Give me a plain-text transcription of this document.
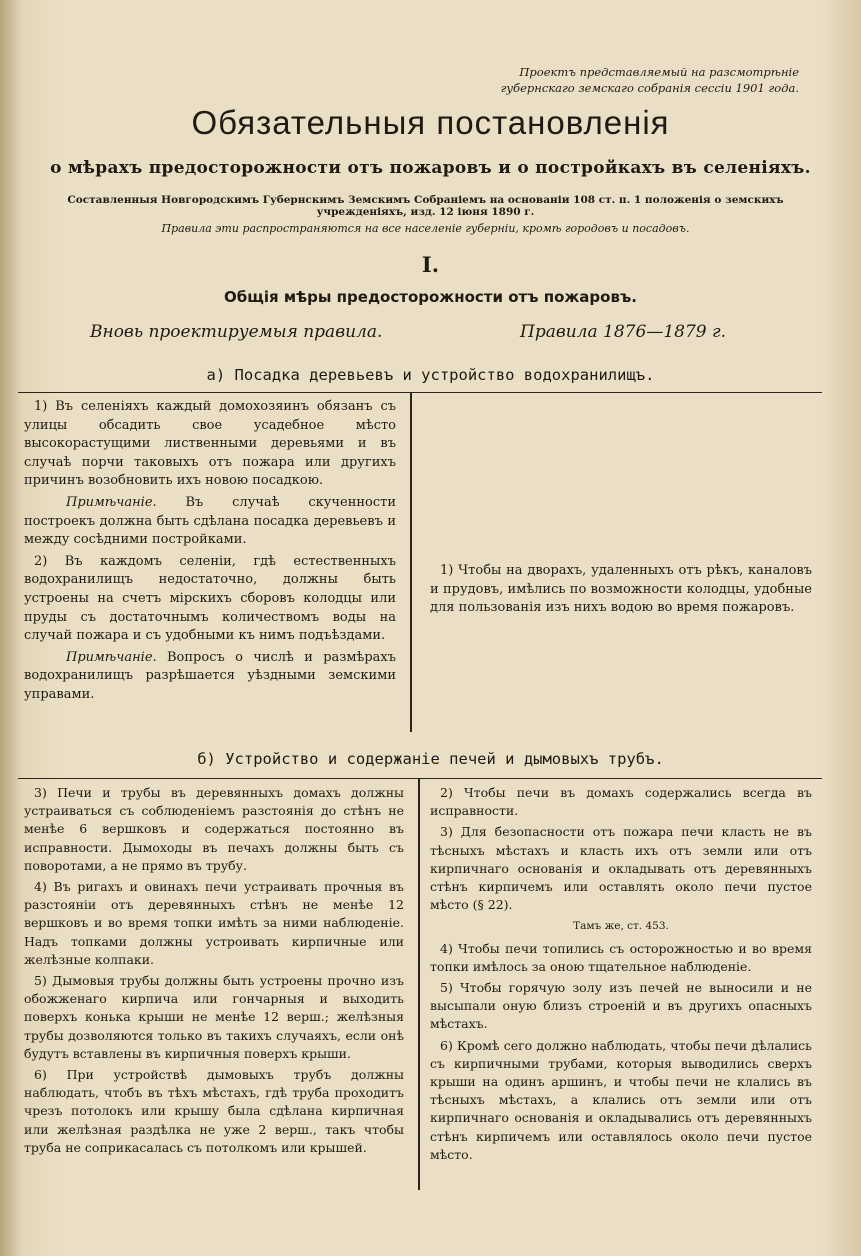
Проектъ представляемый на разсмотрѣніе
губернскаго земскаго собранія сессіи 1901 года.
Обязательныя постановленія
о мѣрахъ предосторожности отъ пожаровъ и о постройкахъ въ селеніяхъ.
Составленныя Новгородскимъ Губернскимъ Земскимъ Собраніемъ на основаніи 108 ст. п. 1 положенія о земскихъ учрежденіяхъ, изд. 12 іюня 1890 г.
Правила эти распространяются на все населеніе губерніи, кромѣ городовъ и посадовъ.
I.
Общія мѣры предосторожности отъ пожаровъ.
Вновь проектируемыя правила.	Правила 1876—1879 г.
а) Посадка деревьевъ и устройство водохранилищъ.

1) Въ селеніяхъ каждый домохозяинъ обязанъ съ улицы обсадить свое усадебное мѣсто высокорастущими лиственными деревьями и въ случаѣ порчи таковыхъ отъ пожара или другихъ причинъ возобновить ихъ новою посадкою.

Примѣчаніе. Въ случаѣ скученности построекъ должна быть сдѣлана посадка деревьевъ и между сосѣдними постройками.

2) Въ каждомъ селеніи, гдѣ естественныхъ водохранилищъ недостаточно, должны быть устроены на счетъ мірскихъ сборовъ колодцы или пруды съ достаточнымъ количествомъ воды на случай пожара и съ удобными къ нимъ подъѣздами.

Примѣчаніе. Вопросъ о числѣ и размѣрахъ водохранилищъ разрѣшается уѣздными земскими управами.

1) Чтобы на дворахъ, удаленныхъ отъ рѣкъ, каналовъ и прудовъ, имѣлись по возможности колодцы, удобные для пользованія изъ нихъ водою во время пожаровъ.

б) Устройство и содержаніе печей и дымовыхъ трубъ.

3) Печи и трубы въ деревянныхъ домахъ должны устраиваться съ соблюденіемъ разстоянія до стѣнъ не менѣе 6 вершковъ и содержаться постоянно въ исправности. Дымоходы въ печахъ должны быть съ поворотами, а не прямо въ трубу.

4) Въ ригахъ и овинахъ печи устраивать прочныя въ разстояніи отъ деревянныхъ стѣнъ не менѣе 12 вершковъ и во время топки имѣть за ними наблюденіе. Надъ топками должны устроивать кирпичные или желѣзные колпаки.

5) Дымовыя трубы должны быть устроены прочно изъ обожженаго кирпича или гончарныя и выходить поверхъ конька крыши не менѣе 12 верш.; желѣзныя трубы дозволяются только въ такихъ случаяхъ, если онѣ будутъ вставлены въ кирпичныя поверхъ крыши.

6) При устройствѣ дымовыхъ трубъ должны наблюдать, чтобъ въ тѣхъ мѣстахъ, гдѣ труба проходитъ чрезъ потолокъ или крышу была сдѣлана кирпичная или желѣзная раздѣлка не уже 2 верш., такъ чтобы труба не соприкасалась съ потолкомъ или крышей.

2) Чтобы печи въ домахъ содержались всегда въ исправности.

3) Для безопасности отъ пожара печи класть не въ тѣсныхъ мѣстахъ и класть ихъ отъ земли или отъ кирпичнаго основанія и окладывать отъ деревянныхъ стѣнъ кирпичемъ или оставлять около печи пустое мѣсто (§ 22).

Тамъ же, ст. 453.

4) Чтобы печи топились съ осторожностью и во время топки имѣлось за оною тщательное наблюденіе.

5) Чтобы горячую золу изъ печей не выносили и не высыпали оную близъ строеній и въ другихъ опасныхъ мѣстахъ.

6) Кромѣ сего должно наблюдать, чтобы печи дѣлались съ кирпичными трубами, которыя выводились сверхъ крыши на одинъ аршинъ, и чтобы печи не клались въ тѣсныхъ мѣстахъ, а клались отъ земли или отъ кирпичнаго основанія и окладывались отъ деревянныхъ стѣнъ кирпичемъ или оставлялось около печи пустое мѣсто.
